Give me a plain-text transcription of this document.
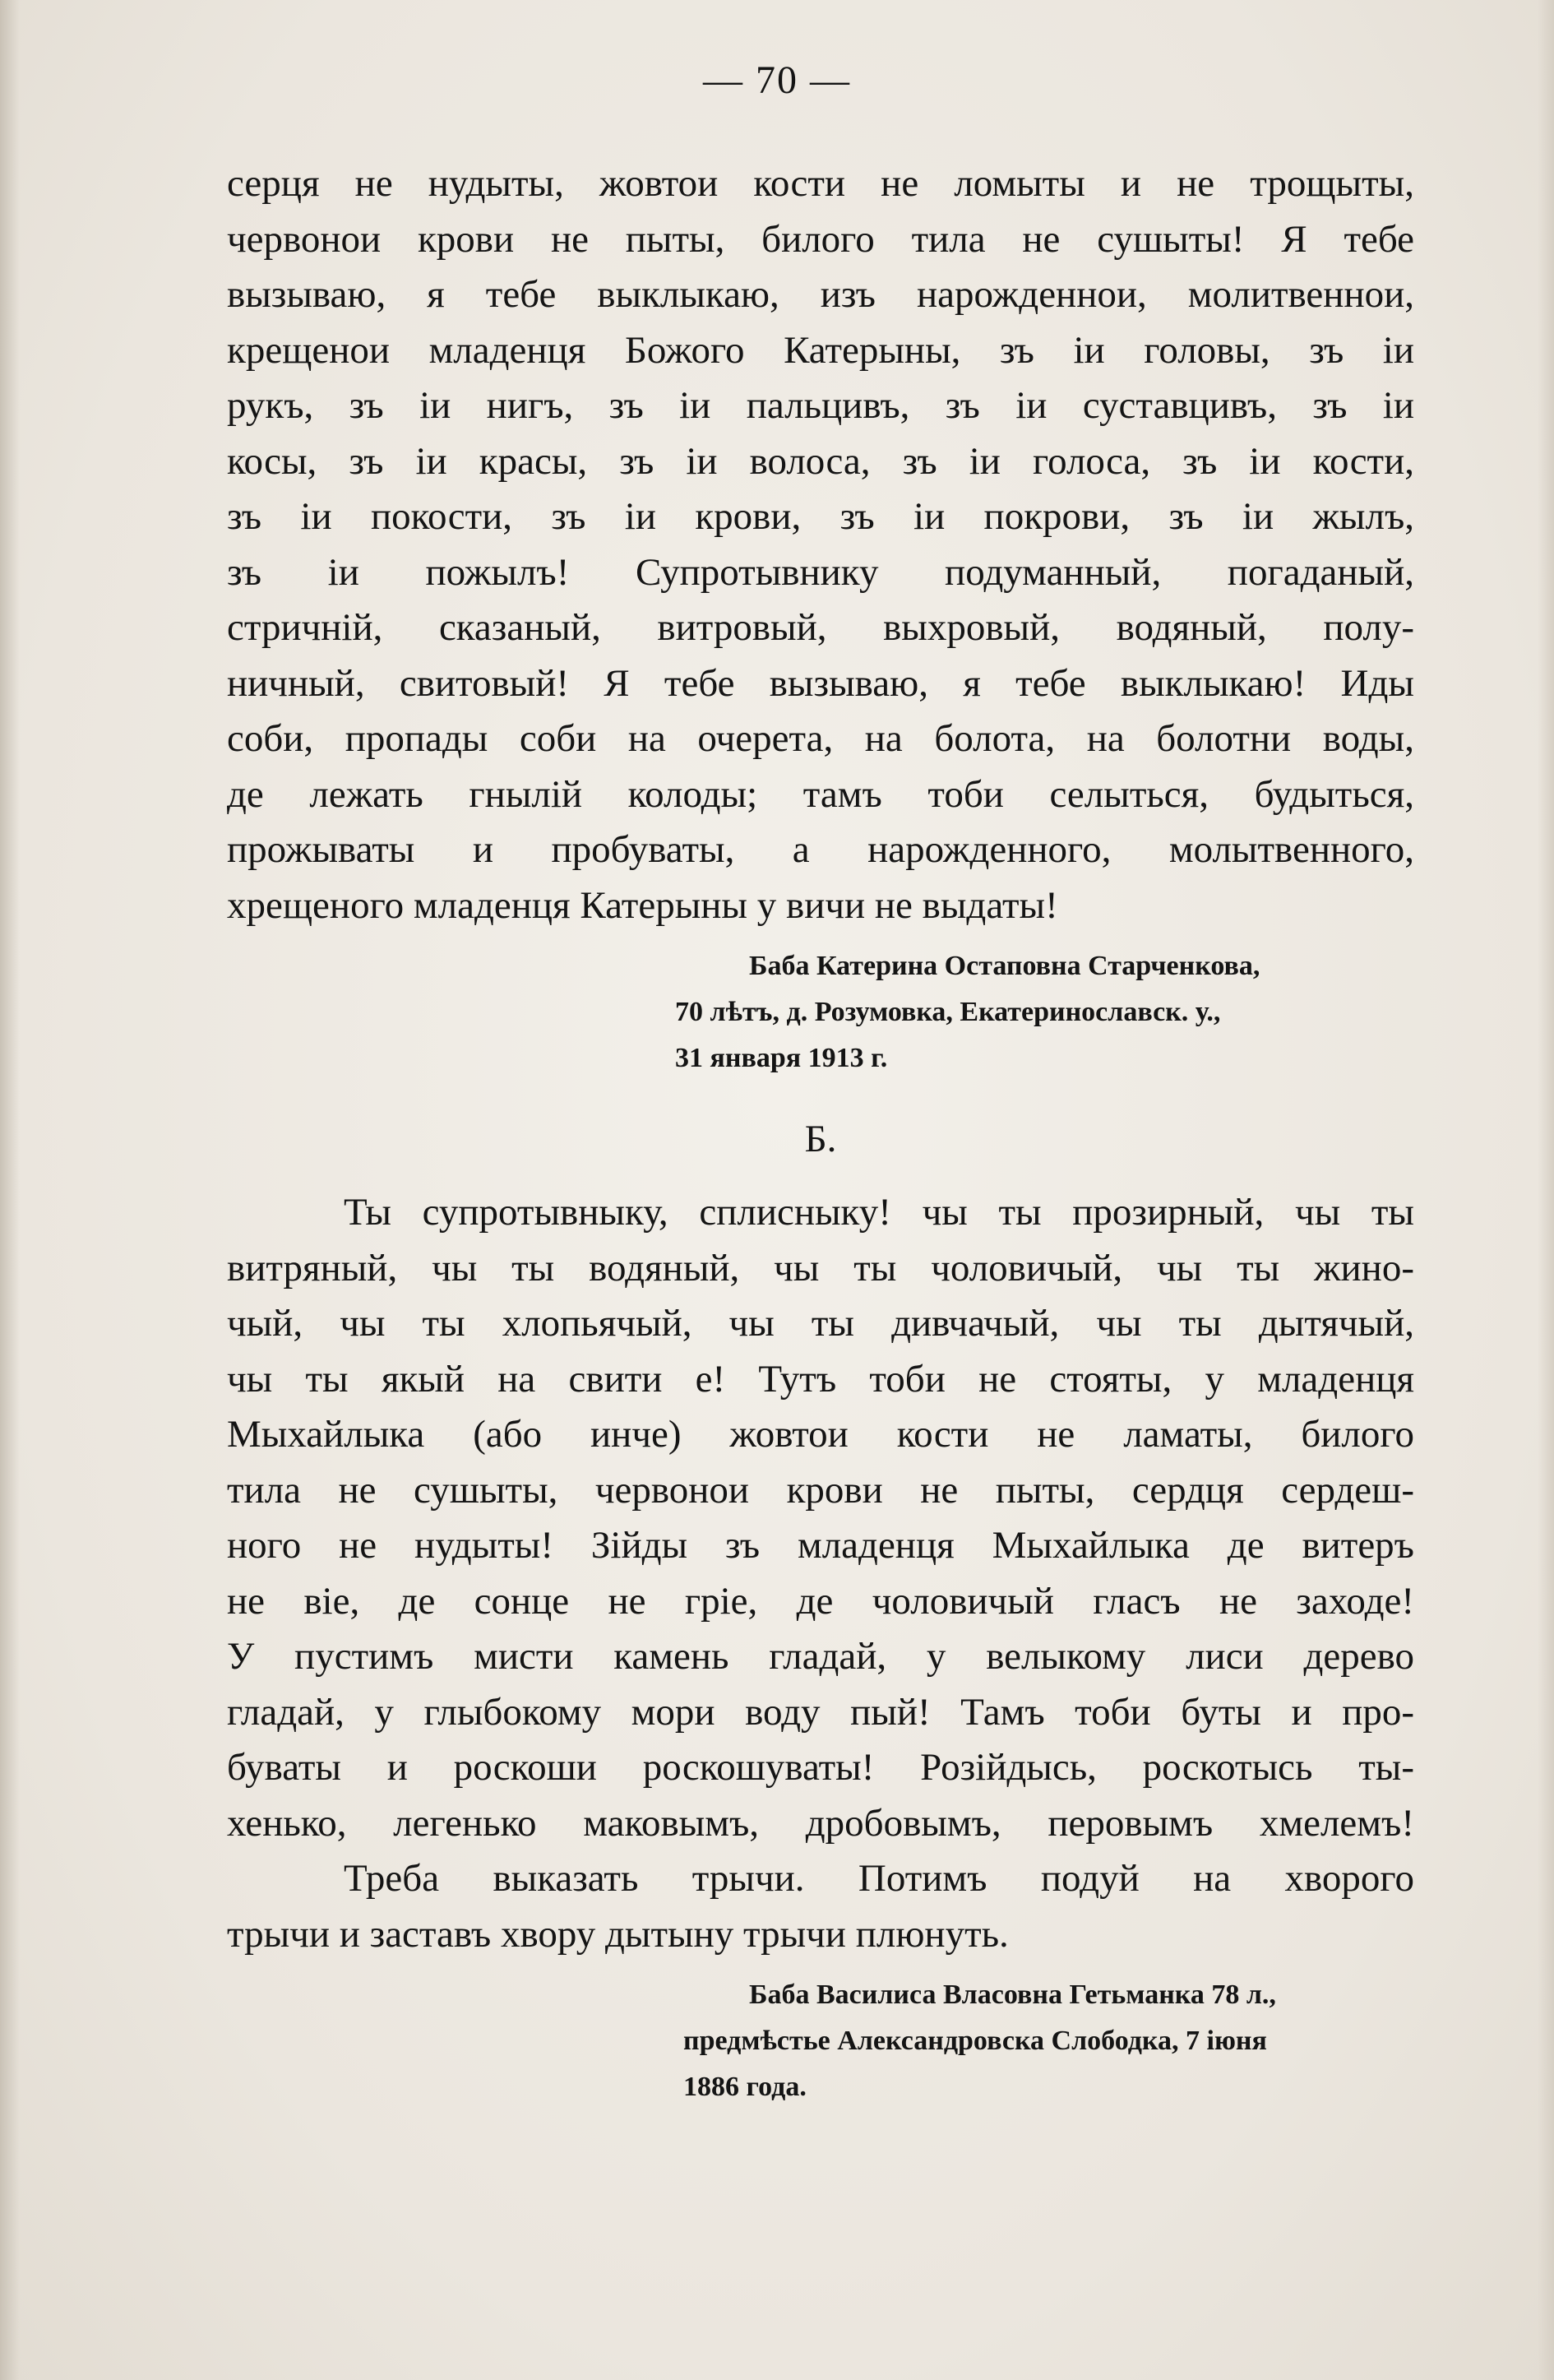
— 70 —
серця не нудыты, жовтои кости не ломыты и не трощыты,
червонои крови не пыты, билого тила не сушыты! Я тебе
вызываю, я тебе выклыкаю, изъ нарожденнои, молитвеннои,
крещенои младенця Божого Катерыны, зъ іи головы, зъ іи
рукъ, зъ іи нигъ, зъ іи пальцивъ, зъ іи суставцивъ, зъ іи
косы, зъ іи красы, зъ іи волоса, зъ іи голоса, зъ іи кости,
зъ іи покости, зъ іи крови, зъ іи покрови, зъ іи жылъ,
зъ іи пожылъ! Супротывнику подуманный, погаданый,
стричній, сказаный, витровый, выхровый, водяный, полу-
ничный, свитовый! Я тебе вызываю, я тебе выклыкаю! Иды
соби, пропады соби на очерета, на болота, на болотни воды,
де лежать гнылій колоды; тамъ тоби селыться, будыться,
прожываты и пробуваты, а нарожденного, молытвенного,
хрещеного младенця Катерыны у вичи не выдаты!
Баба Катерина Остаповна Старченкова,
70 лѣтъ, д. Розумовка, Екатеринославск. у.,
31 января 1913 г.
Б.
Ты супротывныку, сплисныку! чы ты прозирный, чы ты
витряный, чы ты водяный, чы ты чоловичый, чы ты жино-
чый, чы ты хлопьячый, чы ты дивчачый, чы ты дытячый,
чы ты якый на свити е! Тутъ тоби не стояты, у младенця
Мыхайлыка (або инче) жовтои кости не ламаты, билого
тила не сушыты, червонои крови не пыты, сердця сердеш-
ного не нудыты! Зійды зъ младенця Мыхайлыка де витеръ
не віе, де сонце не гріе, де чоловичый гласъ не заходе!
У пустимъ мисти камень гладай, у велыкому лиси дерево
гладай, у глыбокому мори воду пый! Тамъ тоби буты и про-
буваты и роскоши роскошуваты! Розійдысь, роскотысь ты-
хенько, легенько маковымъ, дробовымъ, перовымъ хмелемъ!
Треба выказать трычи. Потимъ подуй на хворого
трычи и заставъ хвору дытыну трычи плюнуть.
Баба Василиса Власовна Гетьманка 78 л.,
предмѣстье Александровска Слободка, 7 іюня
1886 года.
